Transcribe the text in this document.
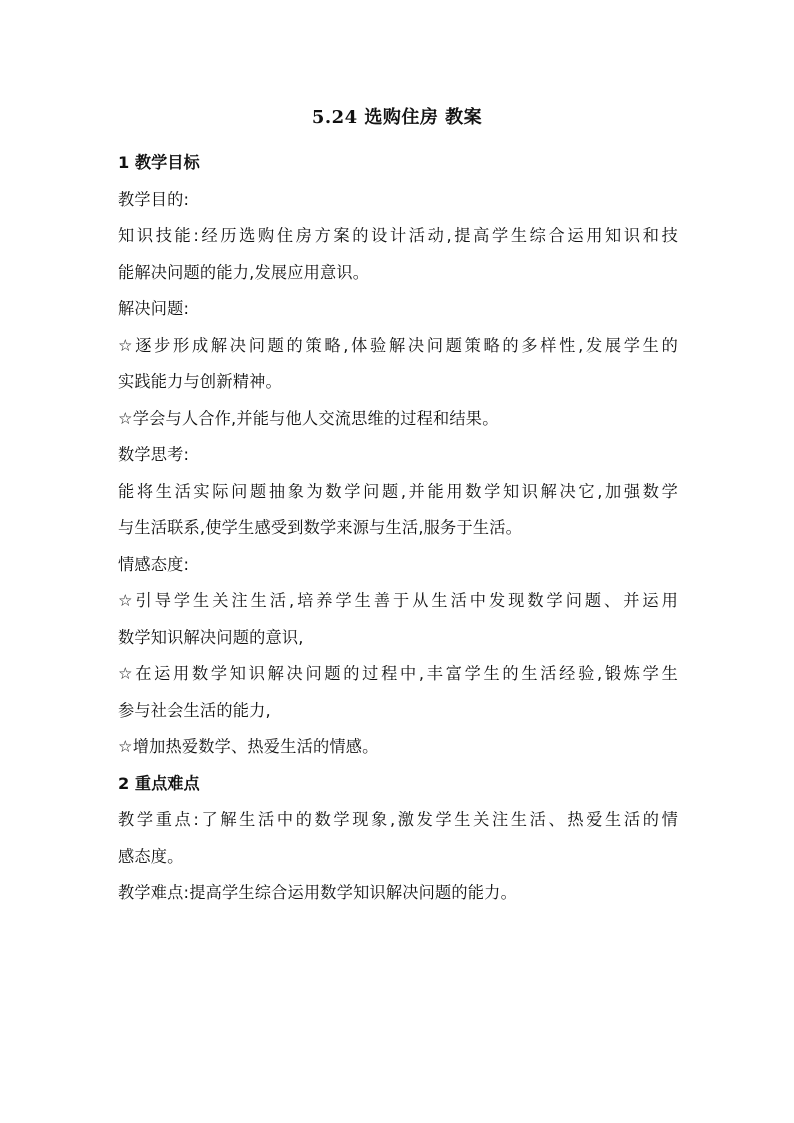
5.24 选购住房 教案
1 教学目标
教学目的:
知识技能:经历选购住房方案的设计活动,提高学生综合运用知识和技
能解决问题的能力,发展应用意识。
解决问题:
☆逐步形成解决问题的策略,体验解决问题策略的多样性,发展学生的
实践能力与创新精神。
☆学会与人合作,并能与他人交流思维的过程和结果。
数学思考:
能将生活实际问题抽象为数学问题,并能用数学知识解决它,加强数学
与生活联系,使学生感受到数学来源与生活,服务于生活。
情感态度:
☆引导学生关注生活,培养学生善于从生活中发现数学问题、并运用
数学知识解决问题的意识,
☆在运用数学知识解决问题的过程中,丰富学生的生活经验,锻炼学生
参与社会生活的能力,
☆增加热爱数学、热爱生活的情感。
2 重点难点
教学重点:了解生活中的数学现象,激发学生关注生活、热爱生活的情
感态度。
教学难点:提高学生综合运用数学知识解决问题的能力。
